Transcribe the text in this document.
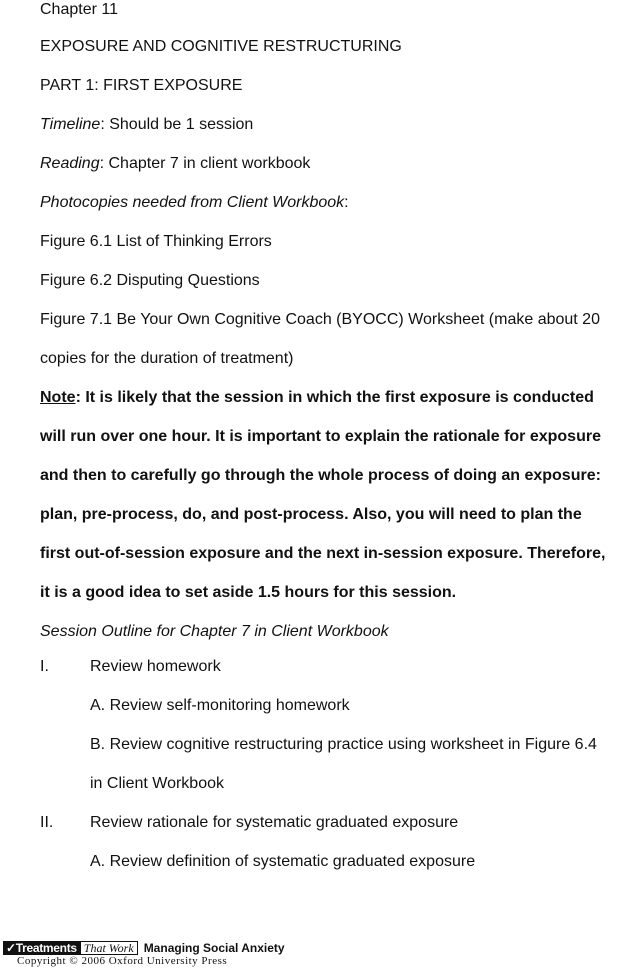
Chapter 11
EXPOSURE AND COGNITIVE RESTRUCTURING
PART 1: FIRST EXPOSURE
Timeline: Should be 1 session
Reading: Chapter 7 in client workbook
Photocopies needed from Client Workbook:
Figure 6.1 List of Thinking Errors
Figure 6.2 Disputing Questions
Figure 7.1 Be Your Own Cognitive Coach (BYOCC) Worksheet (make about 20
copies for the duration of treatment)
Note: It is likely that the session in which the first exposure is conducted
will run over one hour. It is important to explain the rationale for exposure
and then to carefully go through the whole process of doing an exposure:
plan, pre-process, do, and post-process. Also, you will need to plan the
first out-of-session exposure and the next in-session exposure. Therefore,
it is a good idea to set aside 1.5 hours for this session.
Session Outline for Chapter 7 in Client Workbook
I.	Review homework
A. Review self-monitoring homework
B. Review cognitive restructuring practice using worksheet in Figure 6.4
in Client Workbook
II. Review rationale for systematic graduated exposure
A. Review definition of systematic graduated exposure
✓Treatments That Work Managing Social Anxiety
Copyright © 2006 Oxford University Press
